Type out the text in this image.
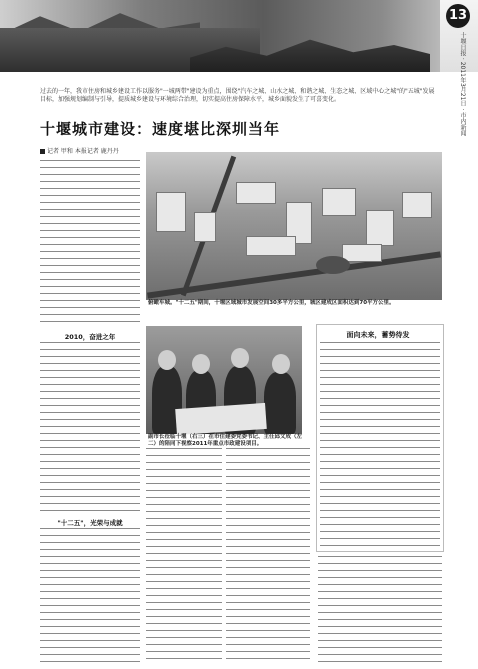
13
十堰日报 · 2011年3月21日 · 市内新闻
过去的一年，我市住房和城乡建设工作以服务"一城两带"建设为重点，围绕"汽车之城、山水之城、和谐之城、生态之城、区域中心之城"的"五城"发展目标，加强规划编制与引导，提质城乡建设与环境综合治理，切实提高住房保障水平，城乡面貌发生了可喜变化。
十堰城市建设：速度堪比深圳当年
记者 甲和 本报记者 鹿丹丹
2010，奋进之年
"十二五"，光荣与成就
俯瞰车城。"十二五"期间，十堰区域城市发展空间30多平方公里，城区建成区面积达到70平方公里。
副市长莅临十堰（右三）在市住建委党委书记、主任邱文成（左二）的陪同下视察2011年重点市政建设项目。
面向未来，蓄势待发
